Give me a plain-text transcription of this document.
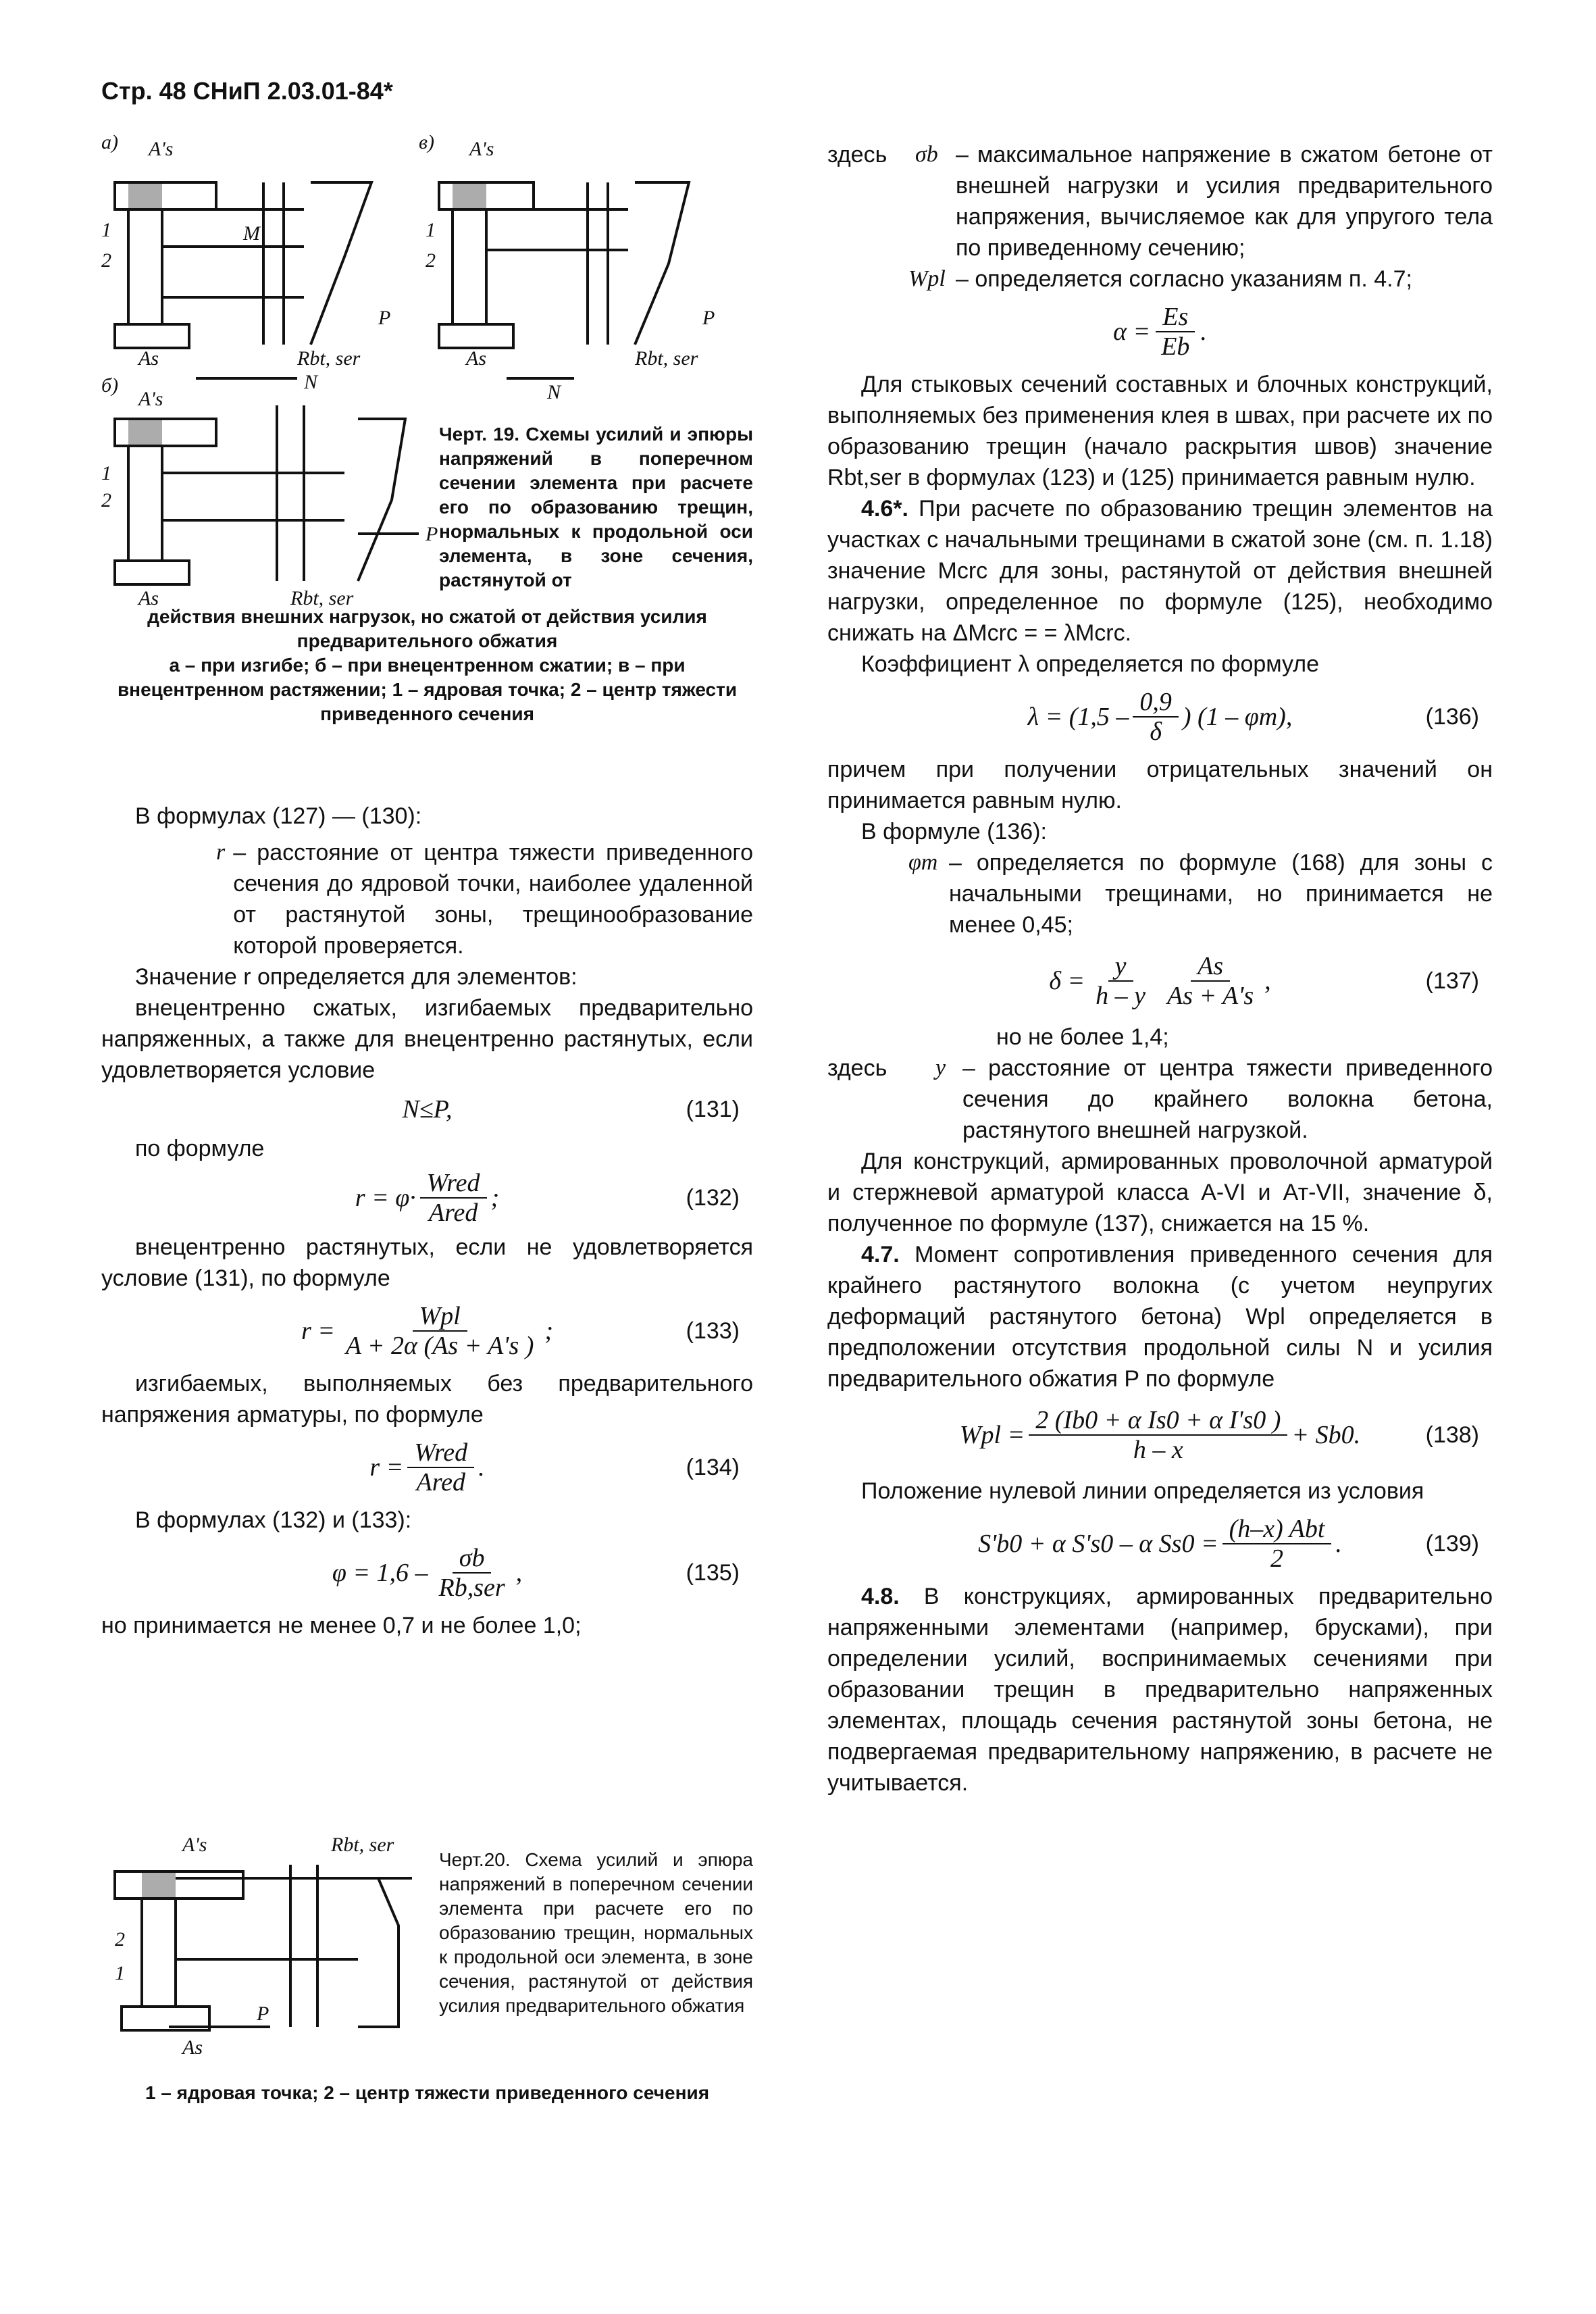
Стр. 48 СНиП 2.03.01-84*
а) A's
1
2
As	Rbt, ser
M
P
в) A's
1
2
As	Rbt, ser
N
P
б)
A's
1
2
As	Rbt, ser
N
P

Черт. 19. Схемы усилий и эпюры напряжений в поперечном сечении элемента при расчете его по образованию трещин, нормальных к продольной оси элемента, в зоне сечения, растянутой от

действия внешних нагрузок, но сжатой от действия усилия предварительного обжатия

а – при изгибе; б – при внецентренном сжатии; в – при внецентренном растяжении; 1 – ядровая точка; 2 – центр тяжести приведенного сечения

В формулах (127) — (130):

r – расстояние от центра тяжести приведенного сечения до ядровой точки, наиболее удаленной от растянутой зоны, трещинообразование которой проверяется.

Значение r определяется для элементов:

внецентренно сжатых, изгибаемых предварительно напряженных, а также для внецентренно растянутых, если удовлетворяется условие

N≤P,	(131)

по формуле

$r = \varphi\cdot \frac{\text{Wred}}{\text{Ared}}$ ;	(132)

внецентренно растянутых, если не удовлетворяется условие (131), по формуле

$r = \frac{\text{Wpl}}{A + 2\alpha (As + A's )}$ ;	(133)

изгибаемых, выполняемых без предварительного напряжения арматуры, по формуле

$r = \frac{\text{Wred}}{\text{Ared}}$ .	(134)

В формулах (132) и (133):

$\varphi = 1,6 - \frac{\sigma b}{\text{Rb,ser}}$ ,	(135)

но принимается не менее 0,7 и не более 1,0;

A's	Rbt, ser
2
1
P
As

Черт.20. Схема усилий и эпюра напряжений в поперечном сечении элемента при расчете его по образованию трещин, нормальных к продольной оси элемента, в зоне сечения, растянутой от действия усилия предварительного обжатия

1 – ядровая точка; 2 – центр тяжести приведенного сечения
здесь	σb – максимальное напряжение в сжатом бетоне от внешней нагрузки и усилия предварительного напряжения, вычисляемое как для упругого тела по приведенному сечению;
Wpl – определяется согласно указаниям п. 4.7;
$\alpha = \frac{Es}{Eb}$ .

Для стыковых сечений составных и блочных конструкций, выполняемых без применения клея в швах, при расчете их по образованию трещин (начало раскрытия швов) значение Rbt,ser в формулах (123) и (125) принимается равным нулю.

4.6*. При расчете по образованию трещин элементов на участках с начальными трещинами в сжатой зоне (см. п. 1.18) значение Mcrc для зоны, растянутой от действия внешней нагрузки, определенное по формуле (125), необходимо снижать на ΔMcrc = = λMcrc.

Коэффициент λ определяется по формуле

$\lambda = (1,5 - \frac{0,9}{\delta}$ ) (1 – φm),	(136)

причем при получении отрицательных значений он принимается равным нулю.

В формуле (136):

φm – определяется по формуле (168) для зоны с начальными трещинами, но принимается не менее 0,45;
$\delta = \frac{y}{h - y} \frac{As}{As + A's}$ ,	(137)

но не более 1,4;

здесь	y – расстояние от центра тяжести приведенного сечения до крайнего волокна бетона, растянутого внешней нагрузкой.

Для конструкций, армированных проволочной арматурой и стержневой арматурой класса A-VI и Ат-VII, значение δ, полученное по формуле (137), снижается на 15 %.

4.7. Момент сопротивления приведенного сечения для крайнего растянутого волокна (с учетом неупругих деформаций растянутого бетона) Wpl определяется в предположении отсутствия продольной силы N и усилия предварительного обжатия P по формуле

Wpl = $\frac{\text{2 (Ib0 + α Is0 + α I's0 )}}{h - x} + Sb0$.	(138)

Положение нулевой линии определяется из условия

S'b0 + α S's0 – α $Ss0 = \frac{\text{(h–x) Abt}}{2}$ .	(139)

4.8. В конструкциях, армированных предварительно напряженными элементами (например, брусками), при определении усилий, воспринимаемых сечениями при образовании трещин в предварительно напряженных элементах, площадь сечения растянутой зоны бетона, не подвергаемая предварительному напряжению, в расчете не учитывается.
